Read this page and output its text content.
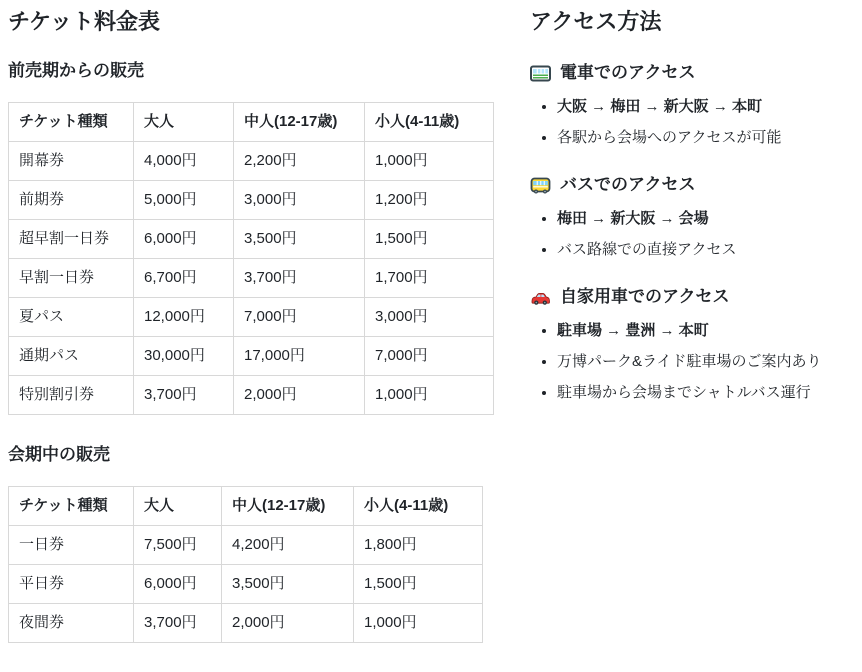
チケット料金表
前売期からの販売
チケット種類	大人	中人(12-17歳)	小人(4-11歳)
開幕券	4,000円	2,200円	1,000円
前期券	5,000円	3,000円	1,200円
超早割一日券	6,000円	3,500円	1,500円
早割一日券	6,700円	3,700円	1,700円
夏パス	12,000円	7,000円	3,000円
通期パス	30,000円	17,000円	7,000円
特別割引券	3,700円	2,000円	1,000円
会期中の販売
チケット種類	大人	中人(12-17歳)	小人(4-11歳)
一日券	7,500円	4,200円	1,800円
平日券	6,000円	3,500円	1,500円
夜間券	3,700円	2,000円	1,000円
アクセス方法
電車でのアクセス
• 大阪 → 梅田 → 新大阪 → 本町
• 各駅から会場へのアクセスが可能
バスでのアクセス
• 梅田 → 新大阪 → 会場
• バス路線での直接アクセス
自家用車でのアクセス
• 駐車場 → 豊洲 → 本町
• 万博パーク&ライド駐車場のご案内あり
• 駐車場から会場までシャトルバス運行
